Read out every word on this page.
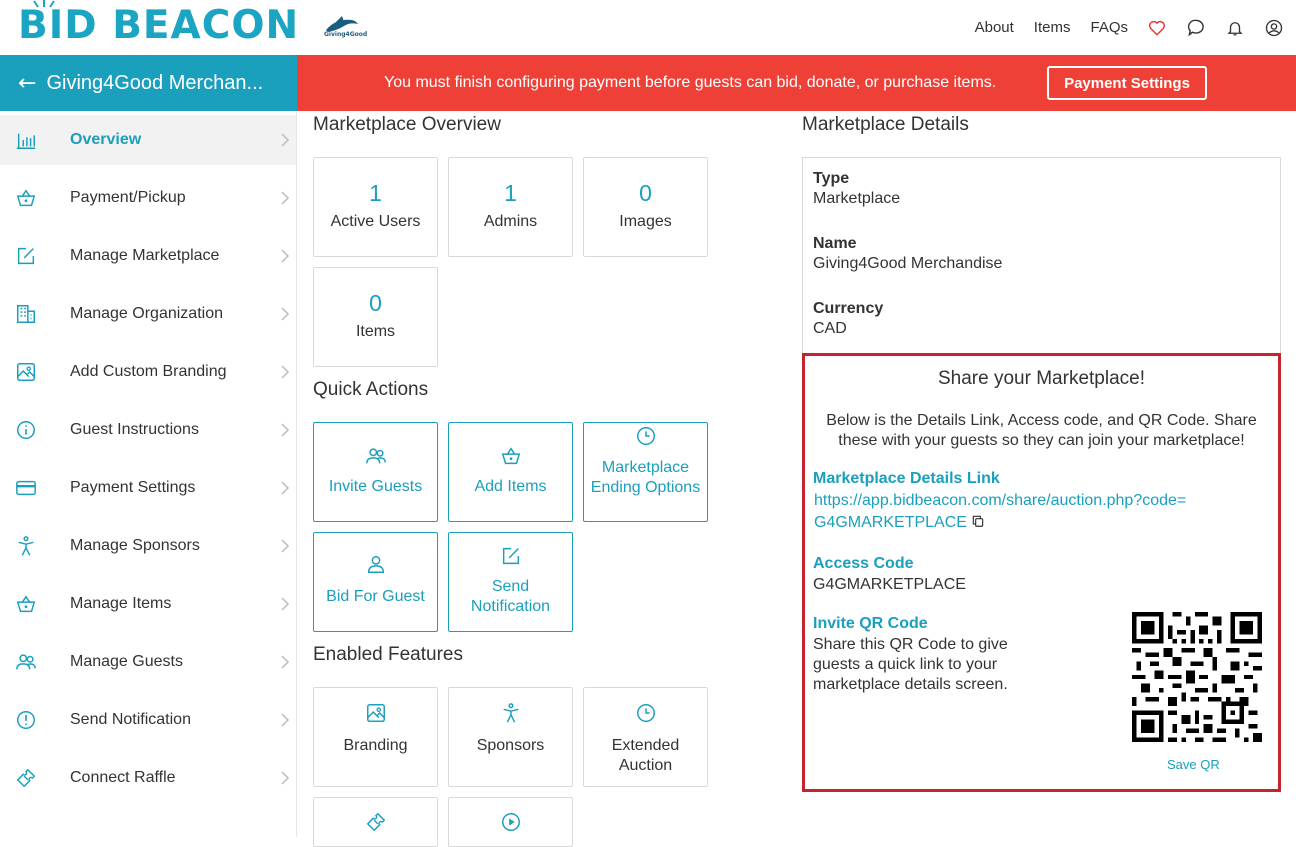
BID BEACON	Giving4Good	About Items FAQs
← Giving4Good Merchan...	You must finish configuring payment before guests can bid, donate, or purchase items.	Payment Settings
Overview
Payment/Pickup
Manage Marketplace
Manage Organization
Add Custom Branding
Guest Instructions
Payment Settings
Manage Sponsors
Manage Items
Manage Guests
Send Notification
Connect Raffle
Marketplace Overview
1
Active Users
1
Admins
0
Images
0
Items
Quick Actions
Invite Guests	Add Items
Marketplace Ending Options
Bid For Guest
Send Notification
Enabled Features
Branding	Sponsors	Extended Auction
Marketplace Details
Type
Marketplace
Name
Giving4Good Merchandise
Currency
CAD
Share your Marketplace!
Below is the Details Link, Access code, and QR Code. Share these with your guests so they can join your marketplace!
Marketplace Details Link
https://app.bidbeacon.com/share/auction.php?code=G4GMARKETPLACE
Access Code
G4GMARKETPLACE
Invite QR Code
Share this QR Code to give guests a quick link to your marketplace details screen.
Save QR
